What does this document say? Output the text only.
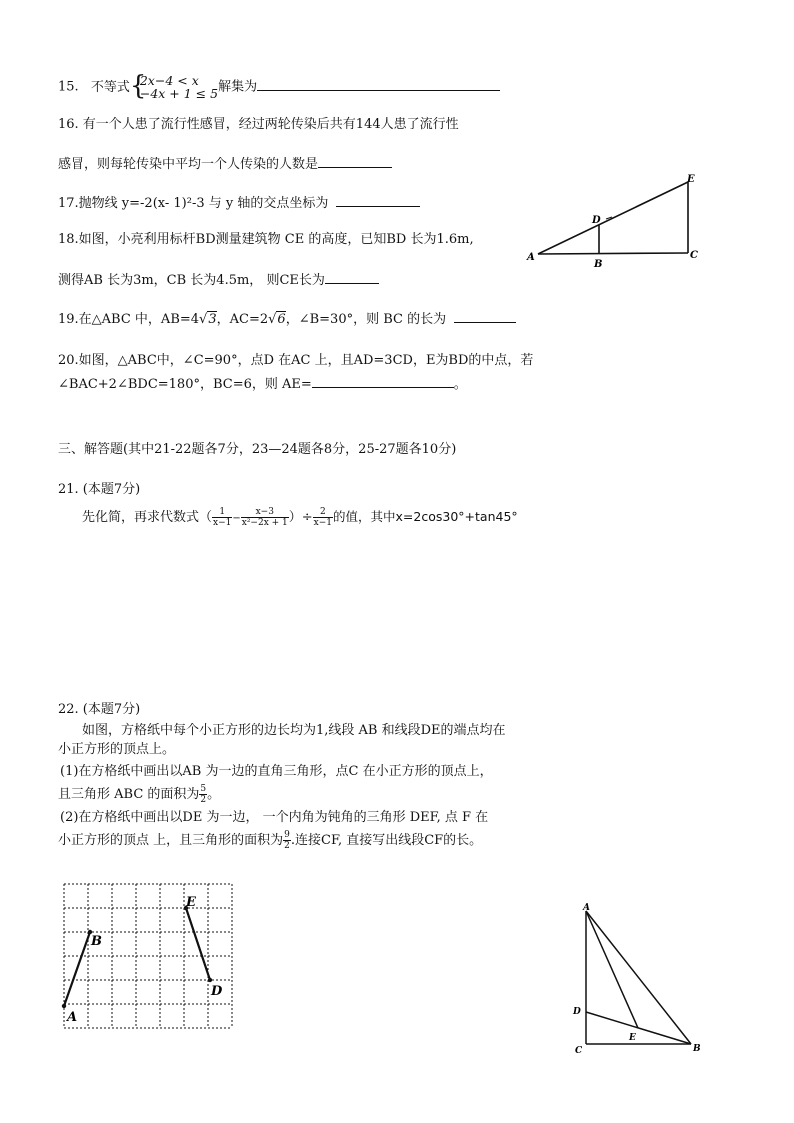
15. 不等式 {
2x−4 < x
−4x + 1 ≤ 5 解集为
16. 有一个人患了流行性感冒，经过两轮传染后共有144人患了流行性
感冒，则每轮传染中平均一个人传染的人数是
17.抛物线 y=-2(x- 1)²-3 与 y 轴的交点坐标为
18.如图，小亮利用标杆BD测量建筑物 CE 的高度，已知BD 长为1.6m,
测得AB 长为3m，CB 长为4.5m， 则CE长为
A
B
C
D
E
19.在△ABC 中，AB=4√3，AC=2√6，∠B=30°，则 BC 的长为
20.如图，△ABC中，∠C=90°，点D 在AC 上，且AD=3CD，E为BD的中点，若
∠BAC+2∠BDC=180°，BC=6，则 AE=	。
三、解答题(其中21-22题各7分，23—24题各8分，25-27题各10分)
21. (本题7分)
先化简，再求代数式（ $\frac{1}{x-1} - \frac{x-3}{\text{x²−2x + 1}}$ ）÷ $\frac{2}{x-1}$ 的值，其中x=2cos30°+tan45°
22. (本题7分)
如图，方格纸中每个小正方形的边长均为1,线段 AB 和线段DE的端点均在
小正方形的顶点上。
(1)在方格纸中画出以AB 为一边的直角三角形，点C 在小正方形的顶点上，
且三角形 ABC 的面积为 $\frac{5}{2}$ 。
(2)在方格纸中画出以DE 为一边， 一个内角为钝角的三角形 DEF, 点 F 在
小正方形的顶点 上，且三角形的面积为 $\frac{9}{2}$ .连接CF, 直接写出线段CF的长。
A
B
E
D
A
D
C
E
B
